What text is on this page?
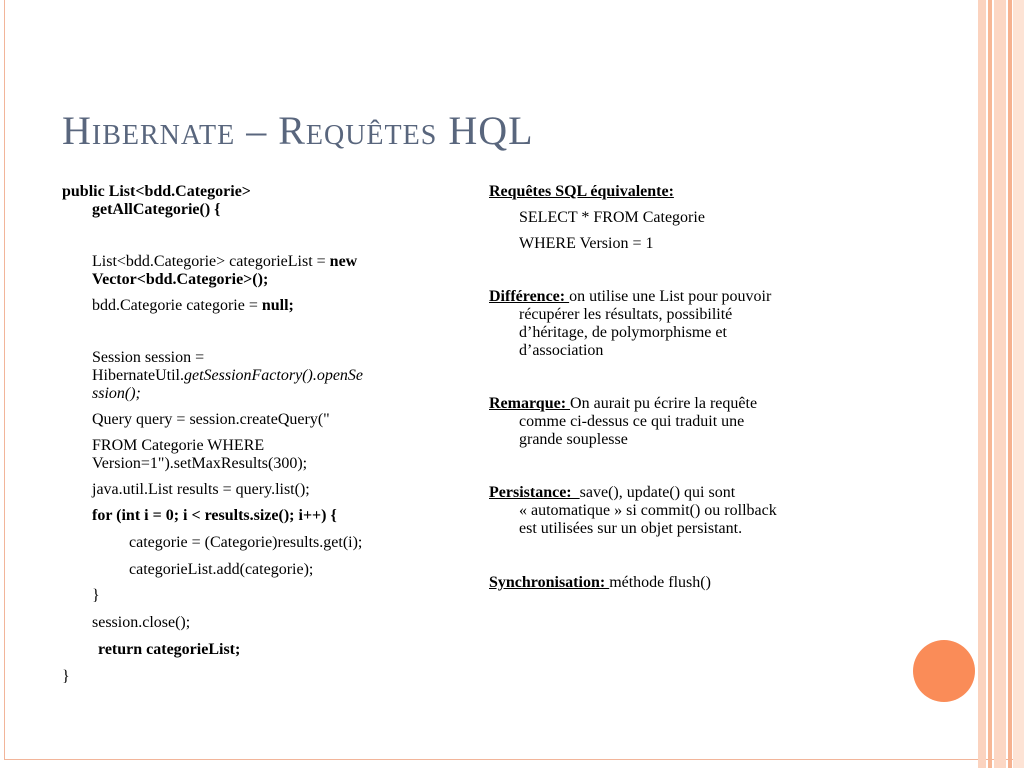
Hibernate – Requêtes HQL

public List<bdd.Categorie>
getAllCategorie() {

List<bdd.Categorie> categorieList = new
Vector<bdd.Categorie>();

bdd.Categorie categorie = null;

Session session =
HibernateUtil.getSessionFactory().openSe
ssion();

Query query = session.createQuery("

FROM Categorie WHERE
Version=1").setMaxResults(300);

java.util.List results = query.list();

for (int i = 0; i < results.size(); i++) {

categorie = (Categorie)results.get(i);

categorieList.add(categorie);

}

session.close();

return categorieList;

}

Requêtes SQL équivalente:

SELECT * FROM Categorie

WHERE Version = 1

Différence: on utilise une List pour pouvoir
récupérer les résultats, possibilité
d’héritage, de polymorphisme et
d’association

Remarque: On aurait pu écrire la requête
comme ci-dessus ce qui traduit une
grande souplesse

Persistance:  save(), update() qui sont
« automatique » si commit() ou rollback
est utilisées sur un objet persistant.

Synchronisation: méthode flush()
